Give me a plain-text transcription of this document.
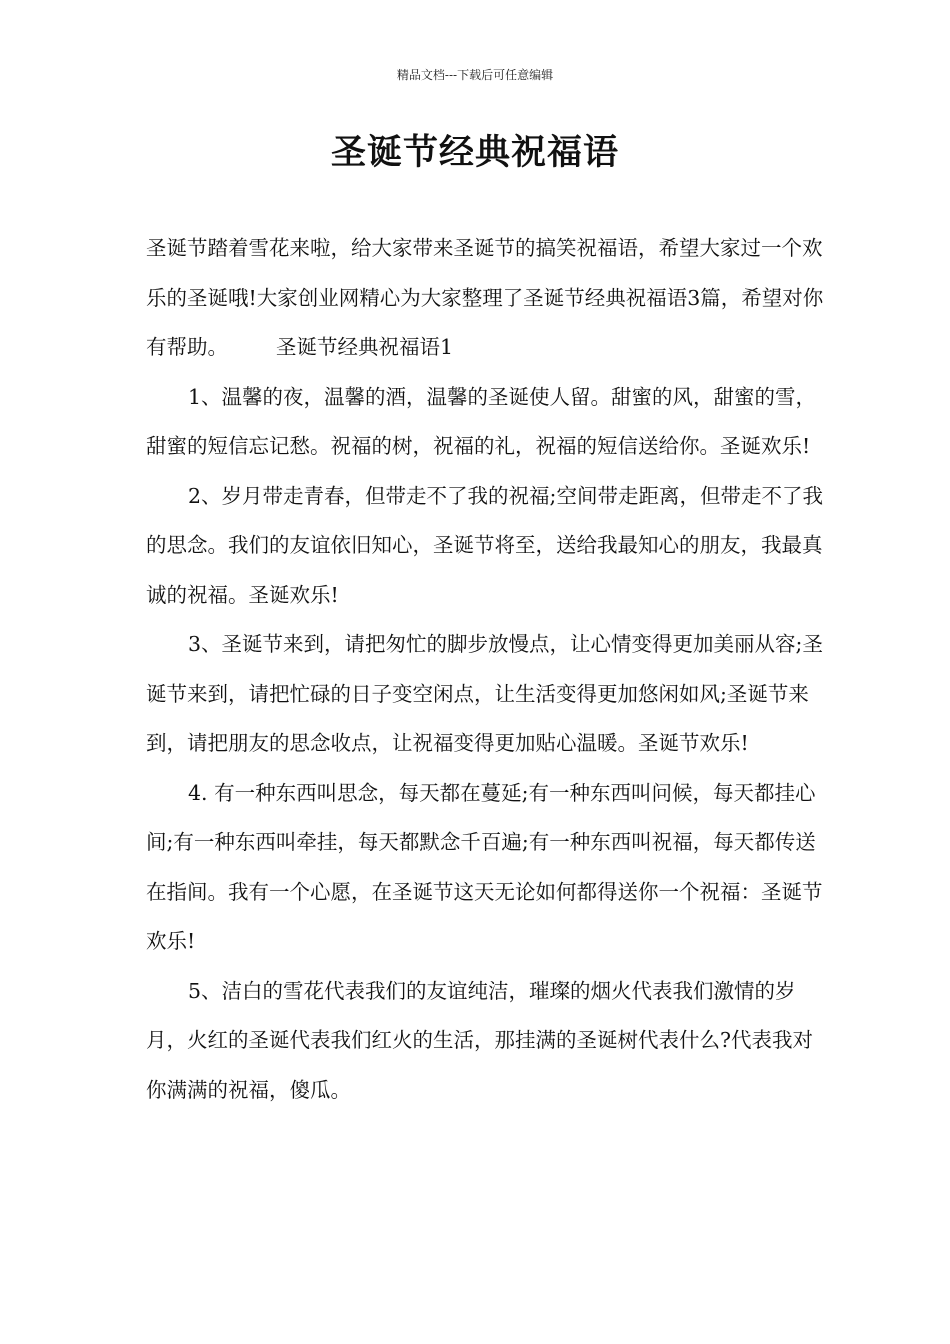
精品文档---下载后可任意编辑
圣诞节经典祝福语

圣诞节踏着雪花来啦，给大家带来圣诞节的搞笑祝福语，希望大家过一个欢乐的圣诞哦!大家创业网精心为大家整理了圣诞节经典祝福语3篇，希望对你有帮助。 圣诞节经典祝福语1

1、温馨的夜，温馨的酒，温馨的圣诞使人留。甜蜜的风，甜蜜的雪，甜蜜的短信忘记愁。祝福的树，祝福的礼，祝福的短信送给你。圣诞欢乐!

2、岁月带走青春，但带走不了我的祝福;空间带走距离，但带走不了我的思念。我们的友谊依旧知心，圣诞节将至，送给我最知心的朋友，我最真诚的祝福。圣诞欢乐!

3、圣诞节来到，请把匆忙的脚步放慢点，让心情变得更加美丽从容;圣诞节来到，请把忙碌的日子变空闲点，让生活变得更加悠闲如风;圣诞节来到，请把朋友的思念收点，让祝福变得更加贴心温暖。圣诞节欢乐!

4. 有一种东西叫思念，每天都在蔓延;有一种东西叫问候，每天都挂心间;有一种东西叫牵挂，每天都默念千百遍;有一种东西叫祝福，每天都传送在指间。我有一个心愿，在圣诞节这天无论如何都得送你一个祝福：圣诞节欢乐!

5、洁白的雪花代表我们的友谊纯洁，璀璨的烟火代表我们激情的岁月，火红的圣诞代表我们红火的生活，那挂满的圣诞树代表什么?代表我对你满满的祝福，傻瓜。
